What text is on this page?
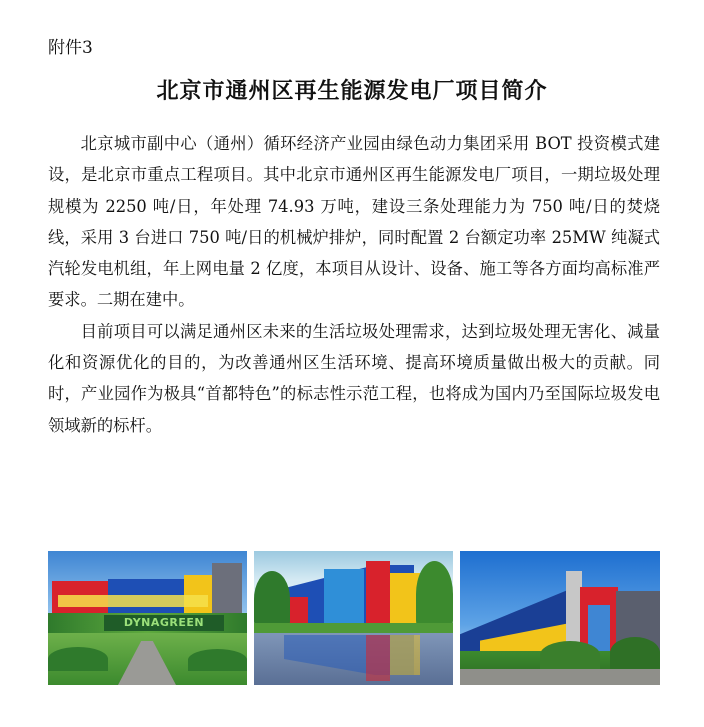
附件3
北京市通州区再生能源发电厂项目简介

北京城市副中心（通州）循环经济产业园由绿色动力集团采用 BOT 投资模式建设，是北京市重点工程项目。其中北京市通州区再生能源发电厂项目，一期垃圾处理规模为 2250 吨/日，年处理 74.93 万吨，建设三条处理能力为 750 吨/日的焚烧线，采用 3 台进口 750 吨/日的机械炉排炉，同时配置 2 台额定功率 25MW 纯凝式汽轮发电机组，年上网电量 2 亿度，本项目从设计、设备、施工等各方面均高标准严要求。二期在建中。

目前项目可以满足通州区未来的生活垃圾处理需求，达到垃圾处理无害化、减量化和资源优化的目的，为改善通州区生活环境、提高环境质量做出极大的贡献。同时，产业园作为极具“首都特色”的标志性示范工程，也将成为国内乃至国际垃圾发电领域新的标杆。

DYNAGREEN
